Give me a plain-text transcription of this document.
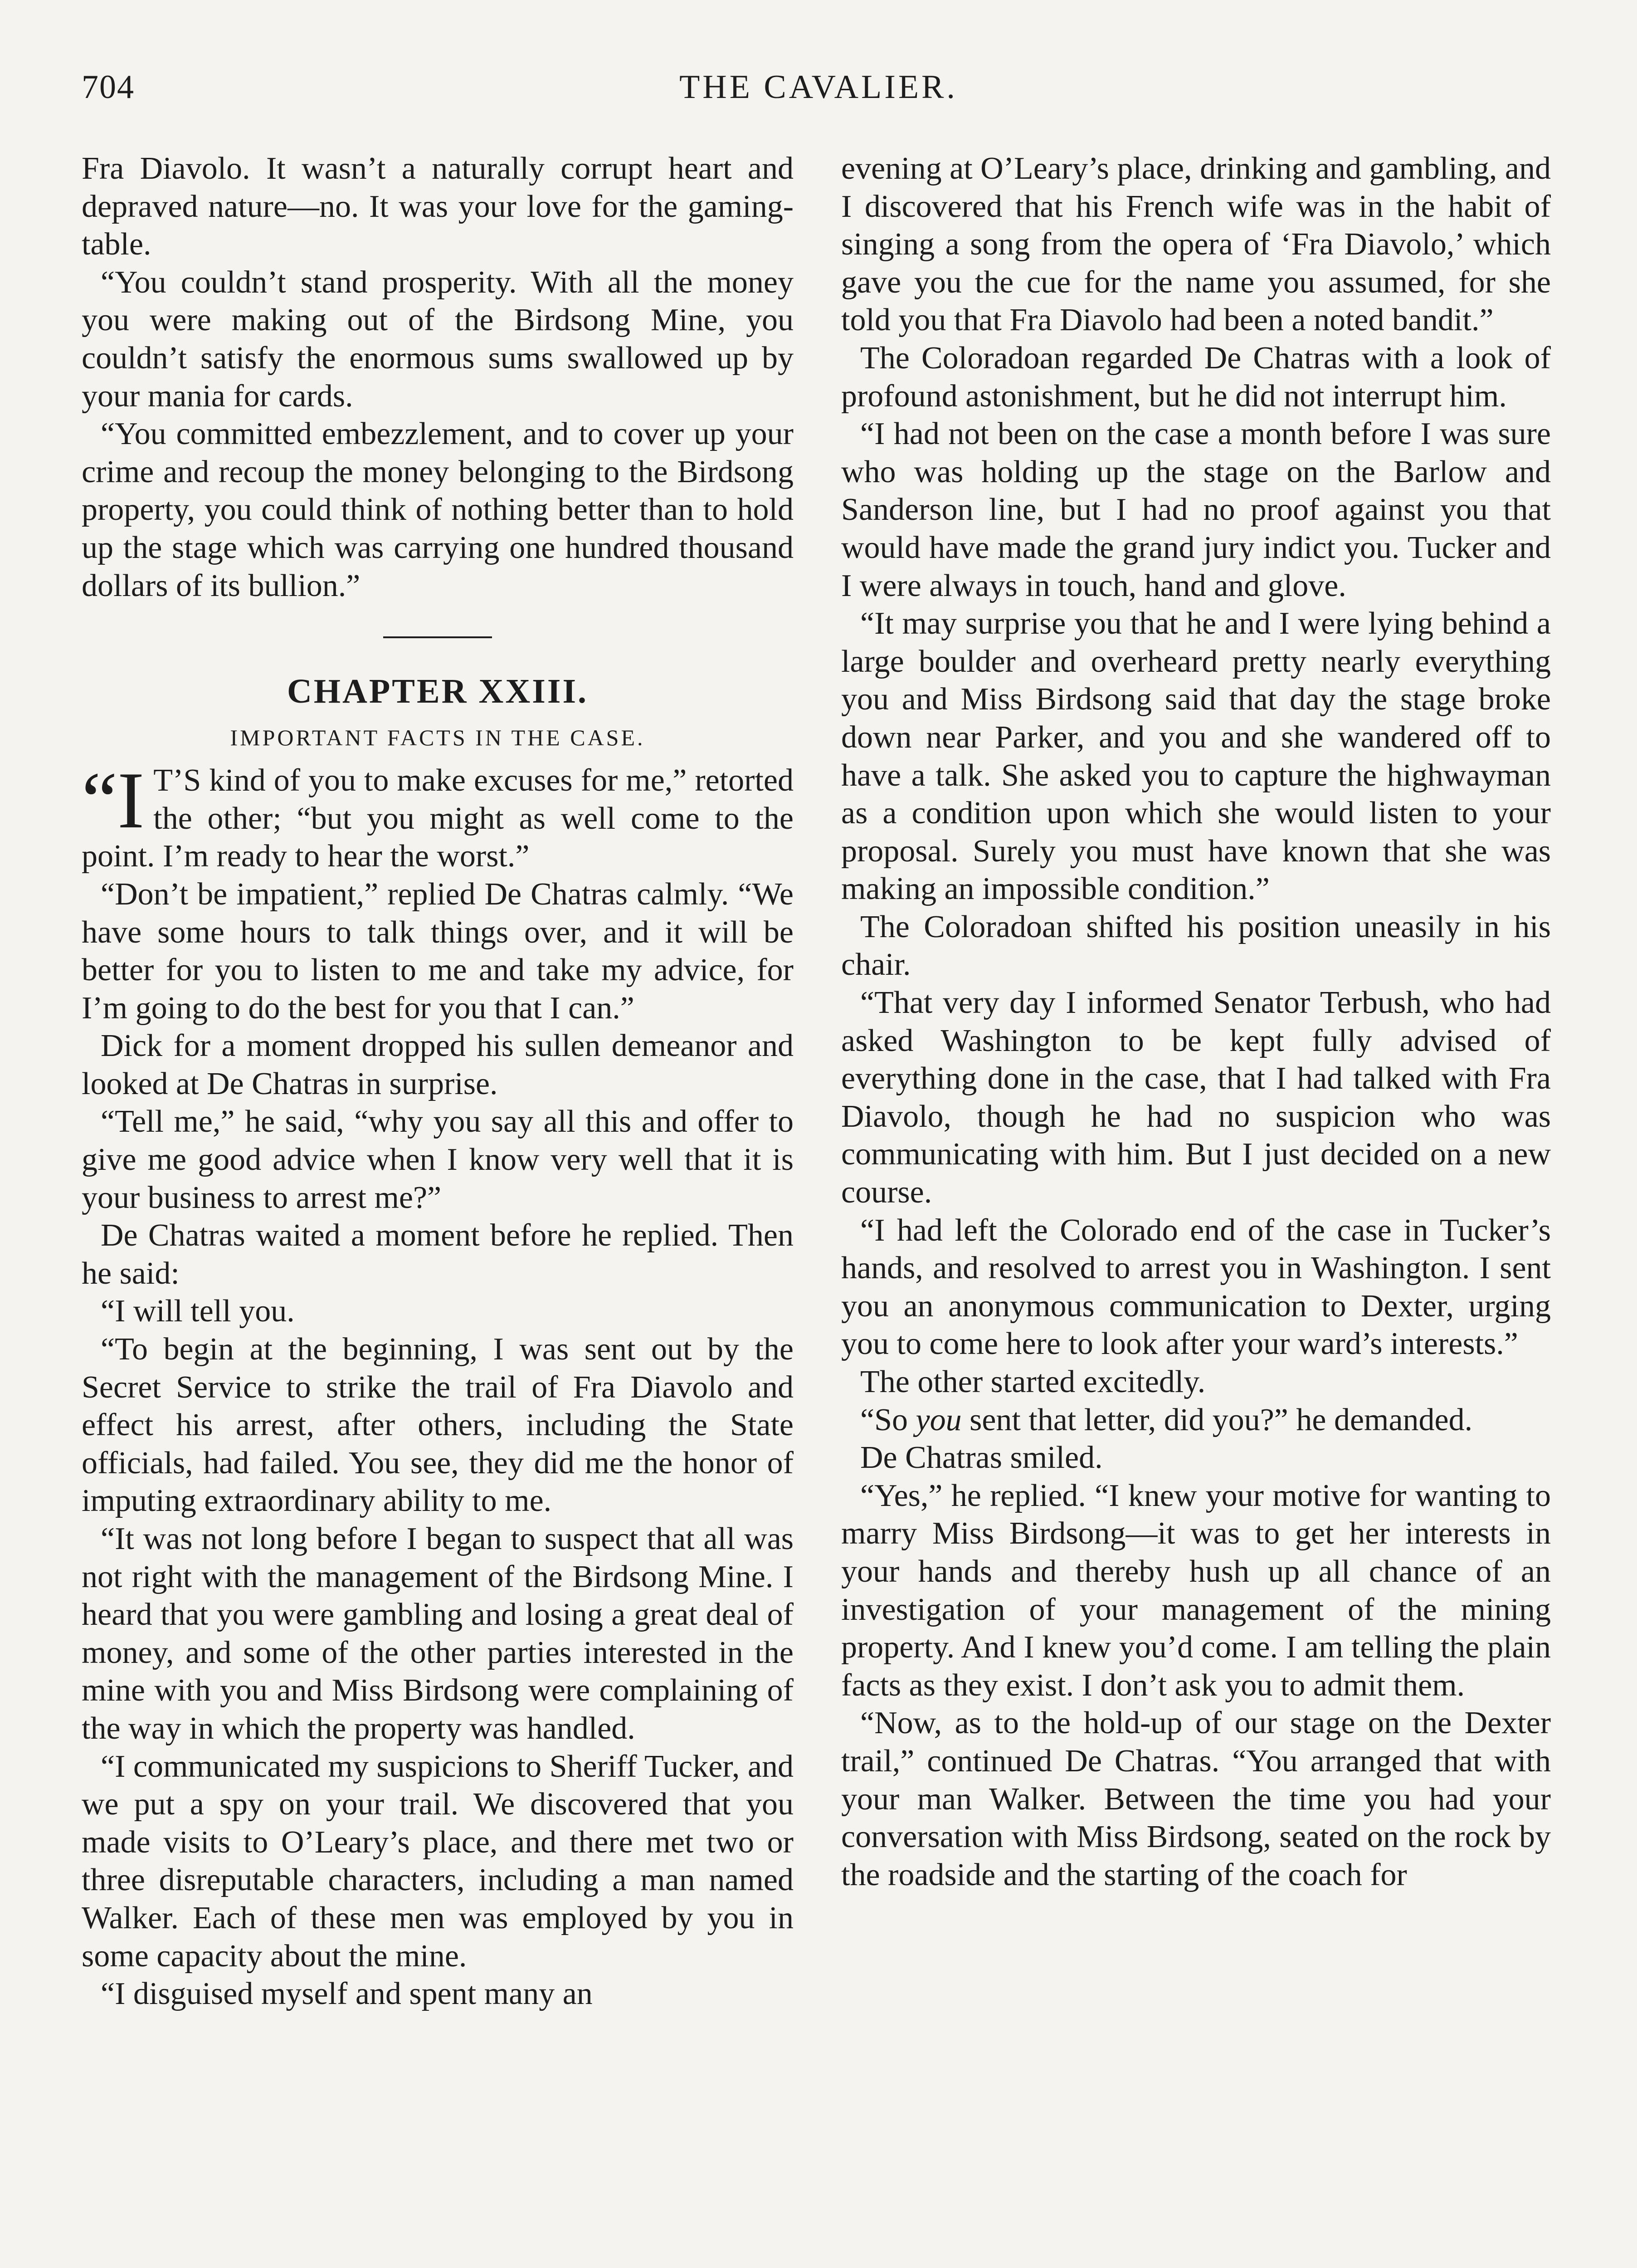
704	THE CAVALIER.

Fra Diavolo. It wasn’t a naturally corrupt heart and depraved nature—no. It was your love for the gaming-table.

“You couldn’t stand prosperity. With all the money you were making out of the Birdsong Mine, you couldn’t satisfy the enormous sums swallowed up by your mania for cards.

“You committed embezzlement, and to cover up your crime and recoup the money belonging to the Birdsong property, you could think of nothing better than to hold up the stage which was carrying one hundred thousand dollars of its bullion.”

CHAPTER XXIII.
IMPORTANT FACTS IN THE CASE.

“I T’S kind of you to make excuses for me,” retorted the other; “but you might as well come to the point. I’m ready to hear the worst.”

“Don’t be impatient,” replied De Chatras calmly. “We have some hours to talk things over, and it will be better for you to listen to me and take my advice, for I’m going to do the best for you that I can.”

Dick for a moment dropped his sullen demeanor and looked at De Chatras in surprise.

“Tell me,” he said, “why you say all this and offer to give me good advice when I know very well that it is your business to arrest me?”

De Chatras waited a moment before he replied. Then he said:

“I will tell you.

“To begin at the beginning, I was sent out by the Secret Service to strike the trail of Fra Diavolo and effect his arrest, after others, including the State officials, had failed. You see, they did me the honor of imputing extraordinary ability to me.

“It was not long before I began to suspect that all was not right with the management of the Birdsong Mine. I heard that you were gambling and losing a great deal of money, and some of the other parties interested in the mine with you and Miss Birdsong were complaining of the way in which the property was handled.

“I communicated my suspicions to Sheriff Tucker, and we put a spy on your trail. We discovered that you made visits to O’Leary’s place, and there met two or three disreputable characters, including a man named Walker. Each of these men was employed by you in some capacity about the mine.

“I disguised myself and spent many an

evening at O’Leary’s place, drinking and gambling, and I discovered that his French wife was in the habit of singing a song from the opera of ‘Fra Diavolo,’ which gave you the cue for the name you assumed, for she told you that Fra Diavolo had been a noted bandit.”

The Coloradoan regarded De Chatras with a look of profound astonishment, but he did not interrupt him.

“I had not been on the case a month before I was sure who was holding up the stage on the Barlow and Sanderson line, but I had no proof against you that would have made the grand jury indict you. Tucker and I were always in touch, hand and glove.

“It may surprise you that he and I were lying behind a large boulder and overheard pretty nearly everything you and Miss Birdsong said that day the stage broke down near Parker, and you and she wandered off to have a talk. She asked you to capture the highwayman as a condition upon which she would listen to your proposal. Surely you must have known that she was making an impossible condition.”

The Coloradoan shifted his position uneasily in his chair.

“That very day I informed Senator Terbush, who had asked Washington to be kept fully advised of everything done in the case, that I had talked with Fra Diavolo, though he had no suspicion who was communicating with him. But I just decided on a new course.

“I had left the Colorado end of the case in Tucker’s hands, and resolved to arrest you in Washington. I sent you an anonymous communication to Dexter, urging you to come here to look after your ward’s interests.”

The other started excitedly.

“So you sent that letter, did you?” he demanded.

De Chatras smiled.

“Yes,” he replied. “I knew your motive for wanting to marry Miss Birdsong—it was to get her interests in your hands and thereby hush up all chance of an investigation of your management of the mining property. And I knew you’d come. I am telling the plain facts as they exist. I don’t ask you to admit them.

“Now, as to the hold-up of our stage on the Dexter trail,” continued De Chatras. “You arranged that with your man Walker. Between the time you had your conversation with Miss Birdsong, seated on the rock by the roadside and the starting of the coach for
